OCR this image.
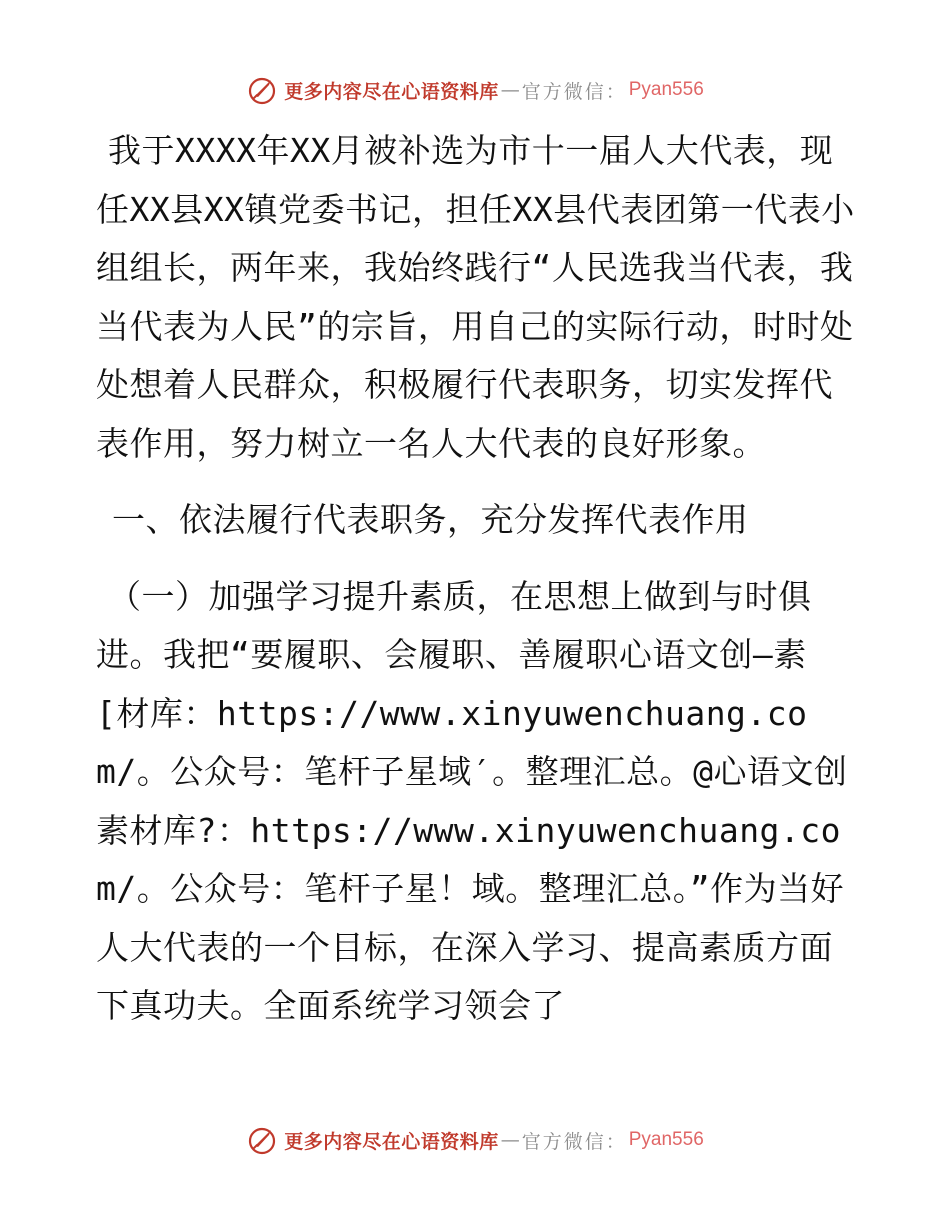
更多内容尽在心语资料库 — 官方微信： Pyan556

我于XXXX年XX月被补选为市十一届人大代表，现任XX县XX镇党委书记，担任XX县代表团第一代表小组组长，两年来，我始终践行“人民选我当代表，我当代表为人民”的宗旨，用自己的实际行动，时时处处想着人民群众，积极履行代表职务，切实发挥代表作用，努力树立一名人大代表的良好形象。

一、依法履行代表职务，充分发挥代表作用

（一）加强学习提升素质，在思想上做到与时俱进。我把“要履职、会履职、善履职心语文创—素[材库：https://www.xinyuwenchuang.com/。公众号：笔杆子星域′。整理汇总。@心语文创素材库?：https://www.xinyuwenchuang.com/。公众号：笔杆子星！域。整理汇总。”作为当好人大代表的一个目标，在深入学习、提高素质方面下真功夫。全面系统学习领会了

更多内容尽在心语资料库 — 官方微信： Pyan556
